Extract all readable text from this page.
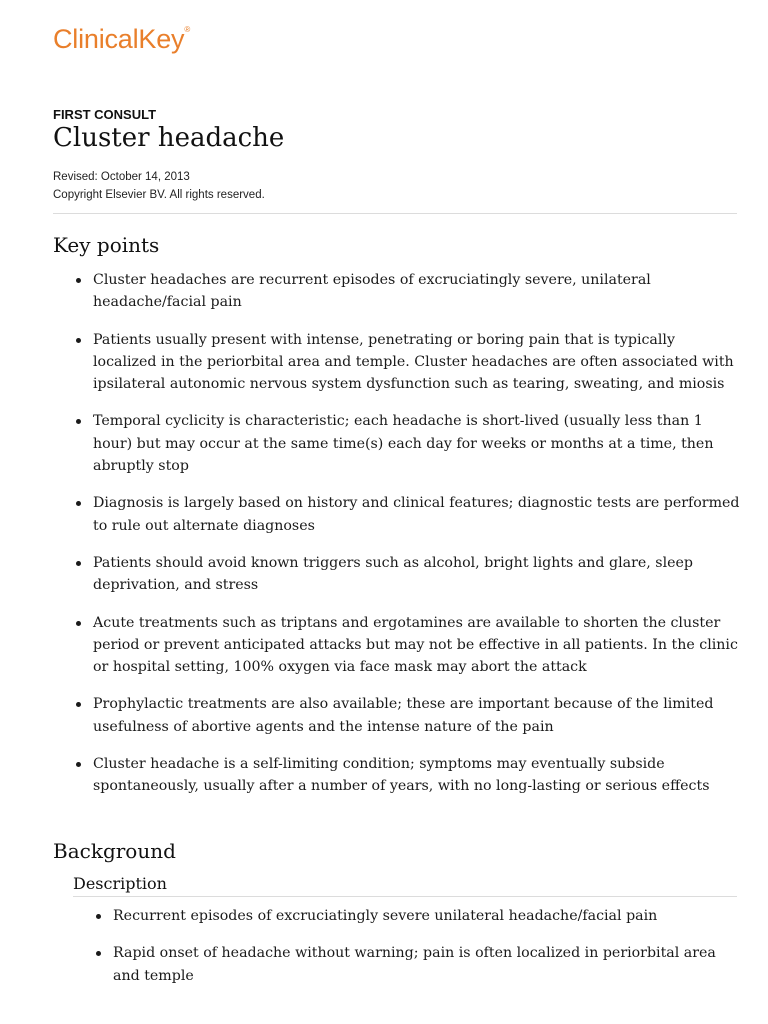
ClinicalKey®
FIRST CONSULT
Cluster headache
Revised: October 14, 2013
Copyright Elsevier BV. All rights reserved.
Key points
Cluster headaches are recurrent episodes of excruciatingly severe, unilateral headache/facial pain
Patients usually present with intense, penetrating or boring pain that is typically localized in the periorbital area and temple. Cluster headaches are often associated with ipsilateral autonomic nervous system dysfunction such as tearing, sweating, and miosis
Temporal cyclicity is characteristic; each headache is short-lived (usually less than 1 hour) but may occur at the same time(s) each day for weeks or months at a time, then abruptly stop
Diagnosis is largely based on history and clinical features; diagnostic tests are performed to rule out alternate diagnoses
Patients should avoid known triggers such as alcohol, bright lights and glare, sleep deprivation, and stress
Acute treatments such as triptans and ergotamines are available to shorten the cluster period or prevent anticipated attacks but may not be effective in all patients. In the clinic or hospital setting, 100% oxygen via face mask may abort the attack
Prophylactic treatments are also available; these are important because of the limited usefulness of abortive agents and the intense nature of the pain
Cluster headache is a self-limiting condition; symptoms may eventually subside spontaneously, usually after a number of years, with no long-lasting or serious effects
Background
Description
Recurrent episodes of excruciatingly severe unilateral headache/facial pain
Rapid onset of headache without warning; pain is often localized in periorbital area and temple
